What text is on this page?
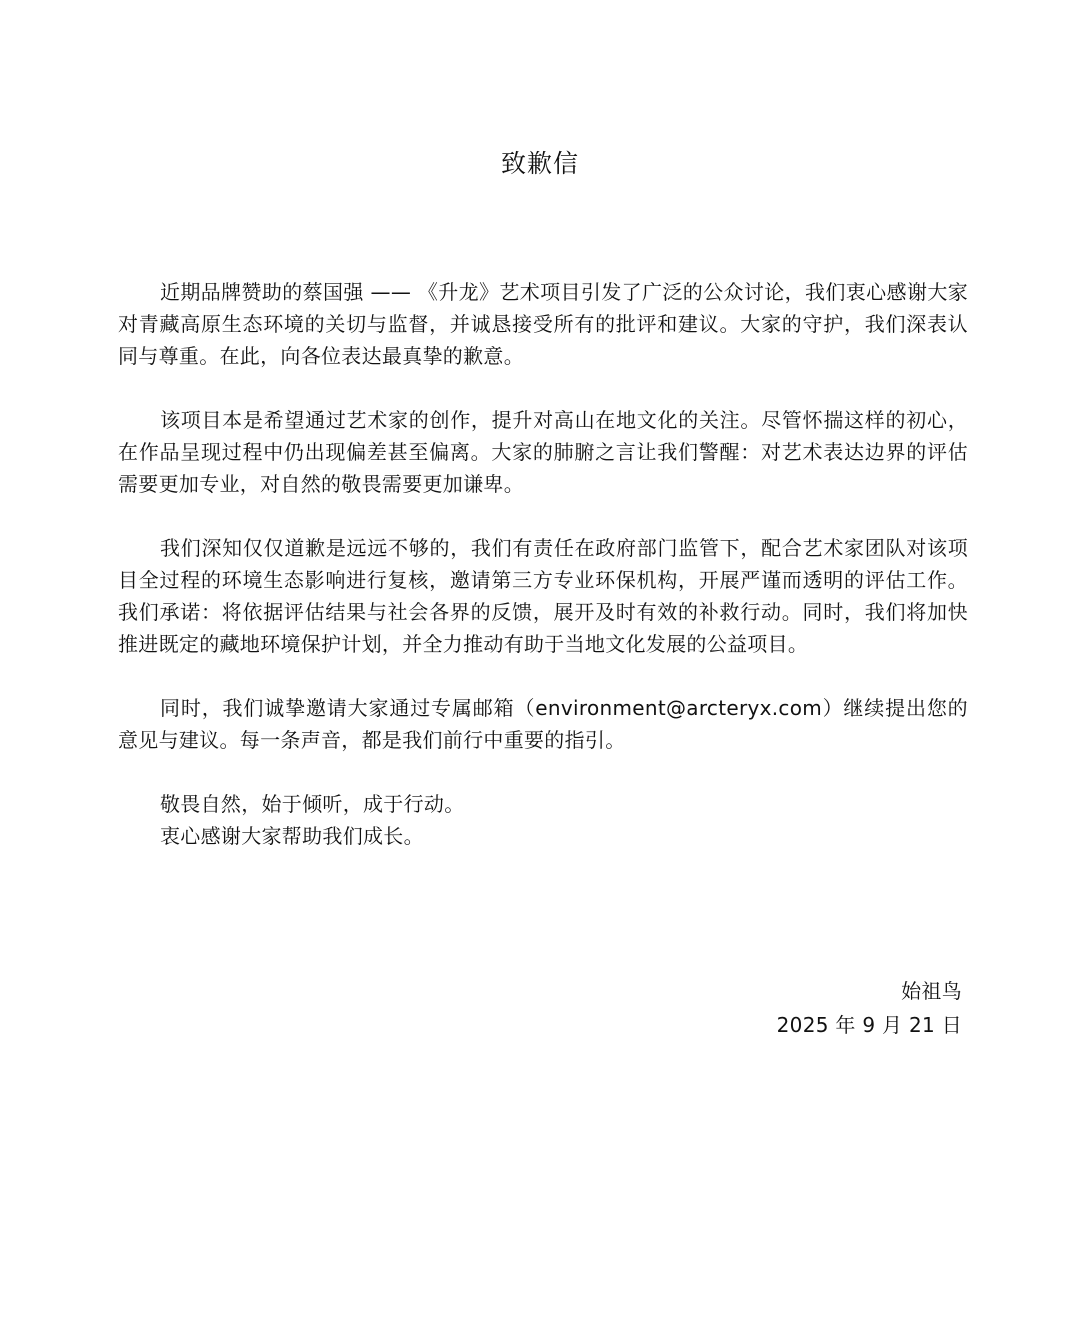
致歉信

近期品牌赞助的蔡国强 —— 《升龙》艺术项目引发了广泛的公众讨论，我们衷心感谢大家对青藏高原生态环境的关切与监督，并诚恳接受所有的批评和建议。大家的守护，我们深表认同与尊重。在此，向各位表达最真挚的歉意。

该项目本是希望通过艺术家的创作，提升对高山在地文化的关注。尽管怀揣这样的初心，在作品呈现过程中仍出现偏差甚至偏离。大家的肺腑之言让我们警醒：对艺术表达边界的评估需要更加专业，对自然的敬畏需要更加谦卑。

我们深知仅仅道歉是远远不够的，我们有责任在政府部门监管下，配合艺术家团队对该项目全过程的环境生态影响进行复核，邀请第三方专业环保机构，开展严谨而透明的评估工作。我们承诺：将依据评估结果与社会各界的反馈，展开及时有效的补救行动。同时，我们将加快推进既定的藏地环境保护计划，并全力推动有助于当地文化发展的公益项目。

同时，我们诚挚邀请大家通过专属邮箱（environment@arcteryx.com）继续提出您的意见与建议。每一条声音，都是我们前行中重要的指引。

敬畏自然，始于倾听，成于行动。

衷心感谢大家帮助我们成长。

始祖鸟
2025 年 9 月 21 日
